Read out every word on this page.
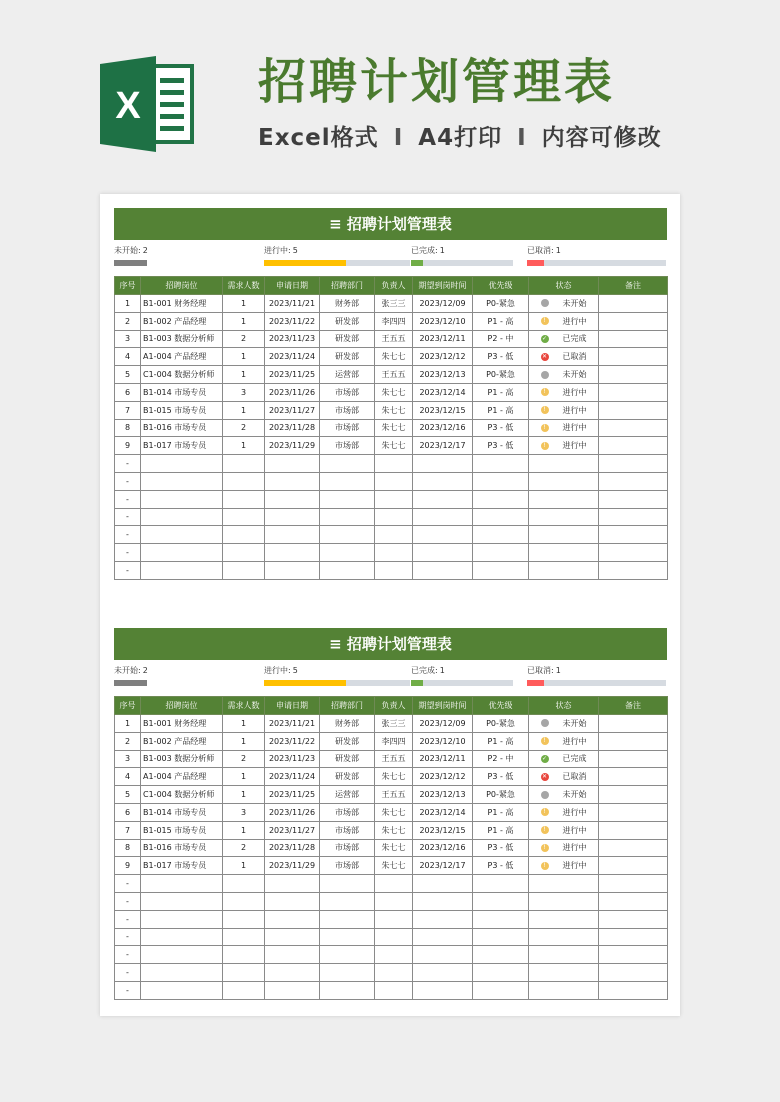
X 招聘计划管理表
Excel格式 I A4打印 I 内容可修改
≡ 招聘计划管理表
未开始: 2	进行中: 5	已完成: 1	已取消: 1
序号	招聘岗位	需求人数	申请日期	招聘部门	负责人	期望到岗时间	优先级	状态	备注
1	B1-001 财务经理	1	2023/11/21	财务部	张三三	2023/12/09	P0-紧急	未开始	
2	B1-002 产品经理	1	2023/11/22	研发部	李四四	2023/12/10	P1 - 高	! 进行中	
3	B1-003 数据分析师	2	2023/11/23	研发部	王五五	2023/12/11	P2 - 中	✓ 已完成	
4	A1-004 产品经理	1	2023/11/24	研发部	朱七七	2023/12/12	P3 - 低	✕ 已取消	
5	C1-004 数据分析师	1	2023/11/25	运营部	王五五	2023/12/13	P0-紧急	未开始	
6	B1-014 市场专员	3	2023/11/26	市场部	朱七七	2023/12/14	P1 - 高	! 进行中	
7	B1-015 市场专员	1	2023/11/27	市场部	朱七七	2023/12/15	P1 - 高	! 进行中	
8	B1-016 市场专员	2	2023/11/28	市场部	朱七七	2023/12/16	P3 - 低	! 进行中	
9	B1-017 市场专员	1	2023/11/29	市场部	朱七七	2023/12/17	P3 - 低	! 进行中	
-									
-									
-									
-									
-									
-									
-									
≡ 招聘计划管理表
未开始: 2	进行中: 5	已完成: 1	已取消: 1
序号	招聘岗位	需求人数	申请日期	招聘部门	负责人	期望到岗时间	优先级	状态	备注
1	B1-001 财务经理	1	2023/11/21	财务部	张三三	2023/12/09	P0-紧急	未开始	
2	B1-002 产品经理	1	2023/11/22	研发部	李四四	2023/12/10	P1 - 高	! 进行中	
3	B1-003 数据分析师	2	2023/11/23	研发部	王五五	2023/12/11	P2 - 中	✓ 已完成	
4	A1-004 产品经理	1	2023/11/24	研发部	朱七七	2023/12/12	P3 - 低	✕ 已取消	
5	C1-004 数据分析师	1	2023/11/25	运营部	王五五	2023/12/13	P0-紧急	未开始	
6	B1-014 市场专员	3	2023/11/26	市场部	朱七七	2023/12/14	P1 - 高	! 进行中	
7	B1-015 市场专员	1	2023/11/27	市场部	朱七七	2023/12/15	P1 - 高	! 进行中	
8	B1-016 市场专员	2	2023/11/28	市场部	朱七七	2023/12/16	P3 - 低	! 进行中	
9	B1-017 市场专员	1	2023/11/29	市场部	朱七七	2023/12/17	P3 - 低	! 进行中	
-									
-									
-									
-									
-									
-									
-									
